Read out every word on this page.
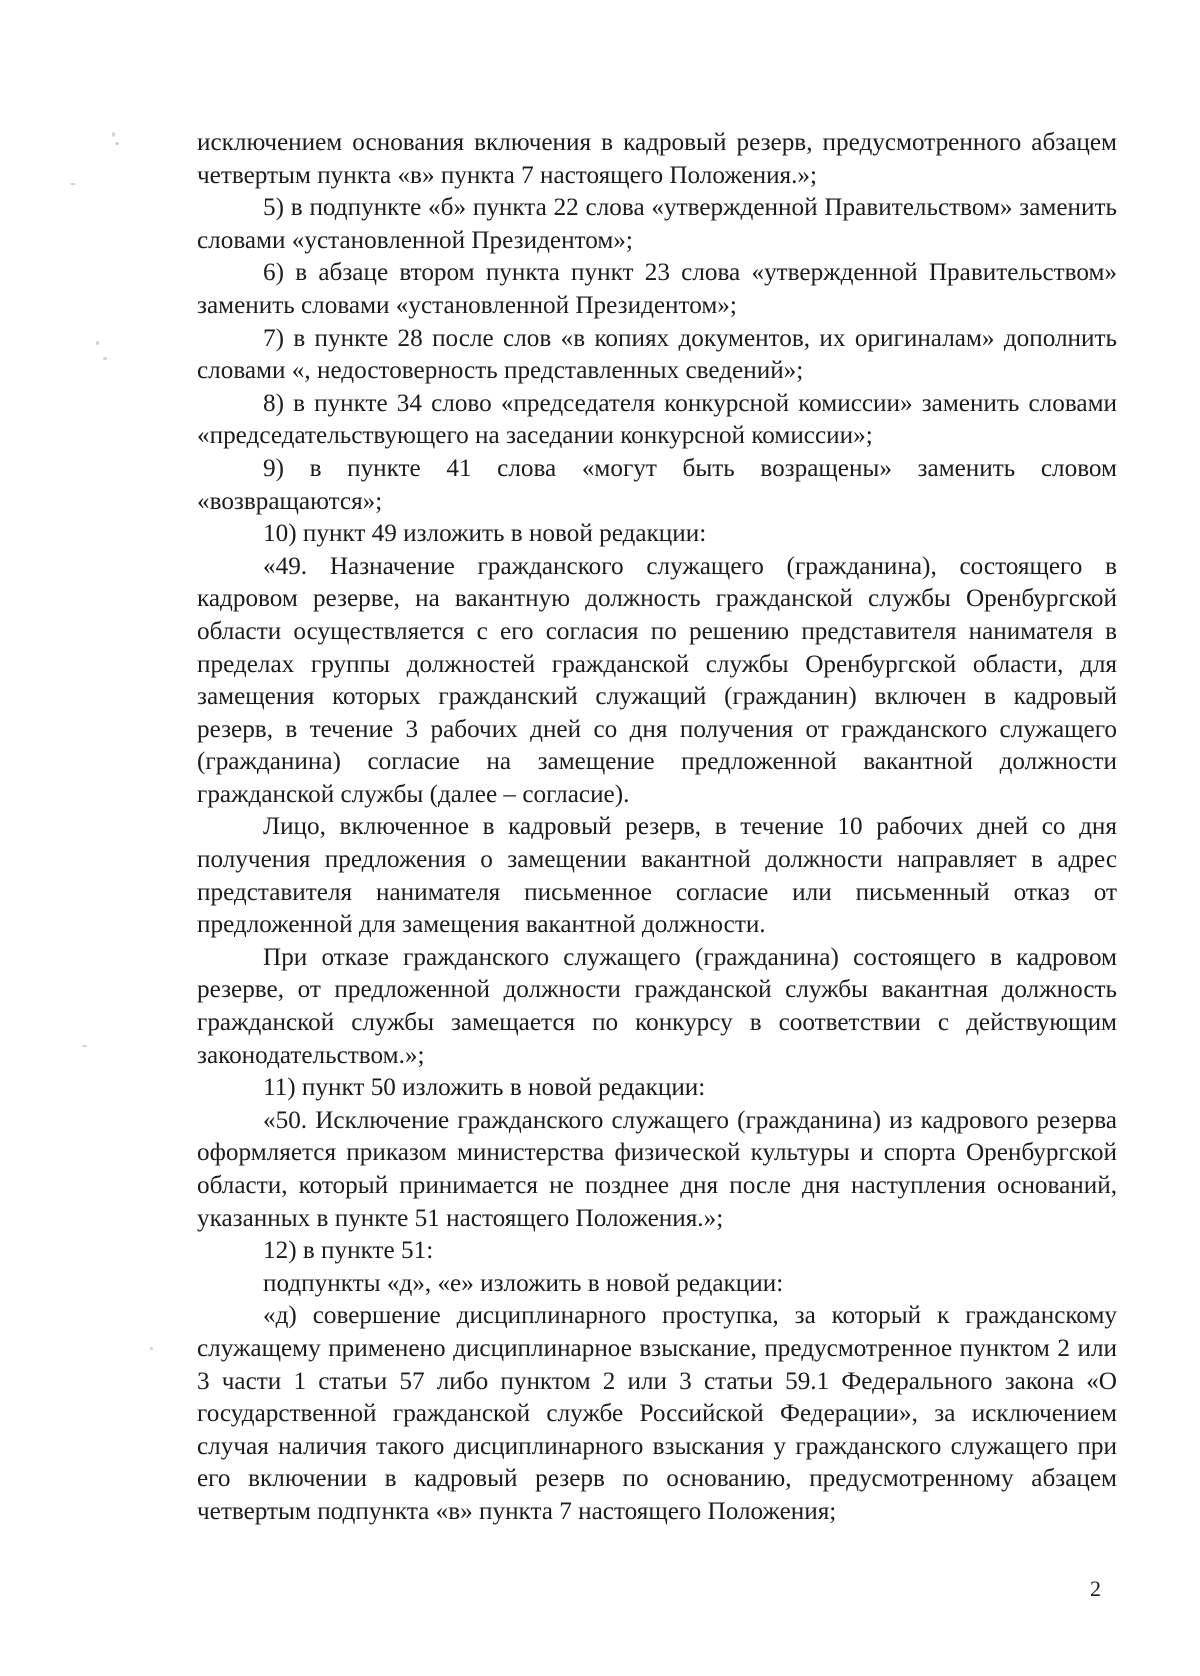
исключением основания включения в кадровый резерв, предусмотренного абзацем четвертым пункта «в» пункта 7 настоящего Положения.»;

5) в подпункте «б» пункта 22 слова «утвержденной Правительством» заменить словами «установленной Президентом»;

6) в абзаце втором пункта пункт 23 слова «утвержденной Правительством» заменить словами «установленной Президентом»;

7) в пункте 28 после слов «в копиях документов, их оригиналам» дополнить словами «, недостоверность представленных сведений»;

8) в пункте 34 слово «председателя конкурсной комиссии» заменить словами «председательствующего на заседании конкурсной комиссии»;

9) в пункте 41 слова «могут быть возращены» заменить словом «возвращаются»;

10) пункт 49 изложить в новой редакции:

«49. Назначение гражданского служащего (гражданина), состоящего в кадровом резерве, на вакантную должность гражданской службы Оренбургской области осуществляется с его согласия по решению представителя нанимателя в пределах группы должностей гражданской службы Оренбургской области, для замещения которых гражданский служащий (гражданин) включен в кадровый резерв, в течение 3 рабочих дней со дня получения от гражданского служащего (гражданина) согласие на замещение предложенной вакантной должности гражданской службы (далее – согласие).

Лицо, включенное в кадровый резерв, в течение 10 рабочих дней со дня получения предложения о замещении вакантной должности направляет в адрес представителя нанимателя письменное согласие или письменный отказ от предложенной для замещения вакантной должности.

При отказе гражданского служащего (гражданина) состоящего в кадровом резерве, от предложенной должности гражданской службы вакантная должность гражданской службы замещается по конкурсу в соответствии с действующим законодательством.»;

11) пункт 50 изложить в новой редакции:

«50. Исключение гражданского служащего (гражданина) из кадрового резерва оформляется приказом министерства физической культуры и спорта Оренбургской области, который принимается не позднее дня после дня наступления оснований, указанных в пункте 51 настоящего Положения.»;

12) в пункте 51:

подпункты «д», «е» изложить в новой редакции:

«д) совершение дисциплинарного проступка, за который к гражданскому служащему применено дисциплинарное взыскание, предусмотренное пунктом 2 или 3 части 1 статьи 57 либо пунктом 2 или 3 статьи 59.1 Федерального закона «О государственной гражданской службе Российской Федерации», за исключением случая наличия такого дисциплинарного взыскания у гражданского служащего при его включении в кадровый резерв по основанию, предусмотренному абзацем четвертым подпункта «в» пункта 7 настоящего Положения;

2
